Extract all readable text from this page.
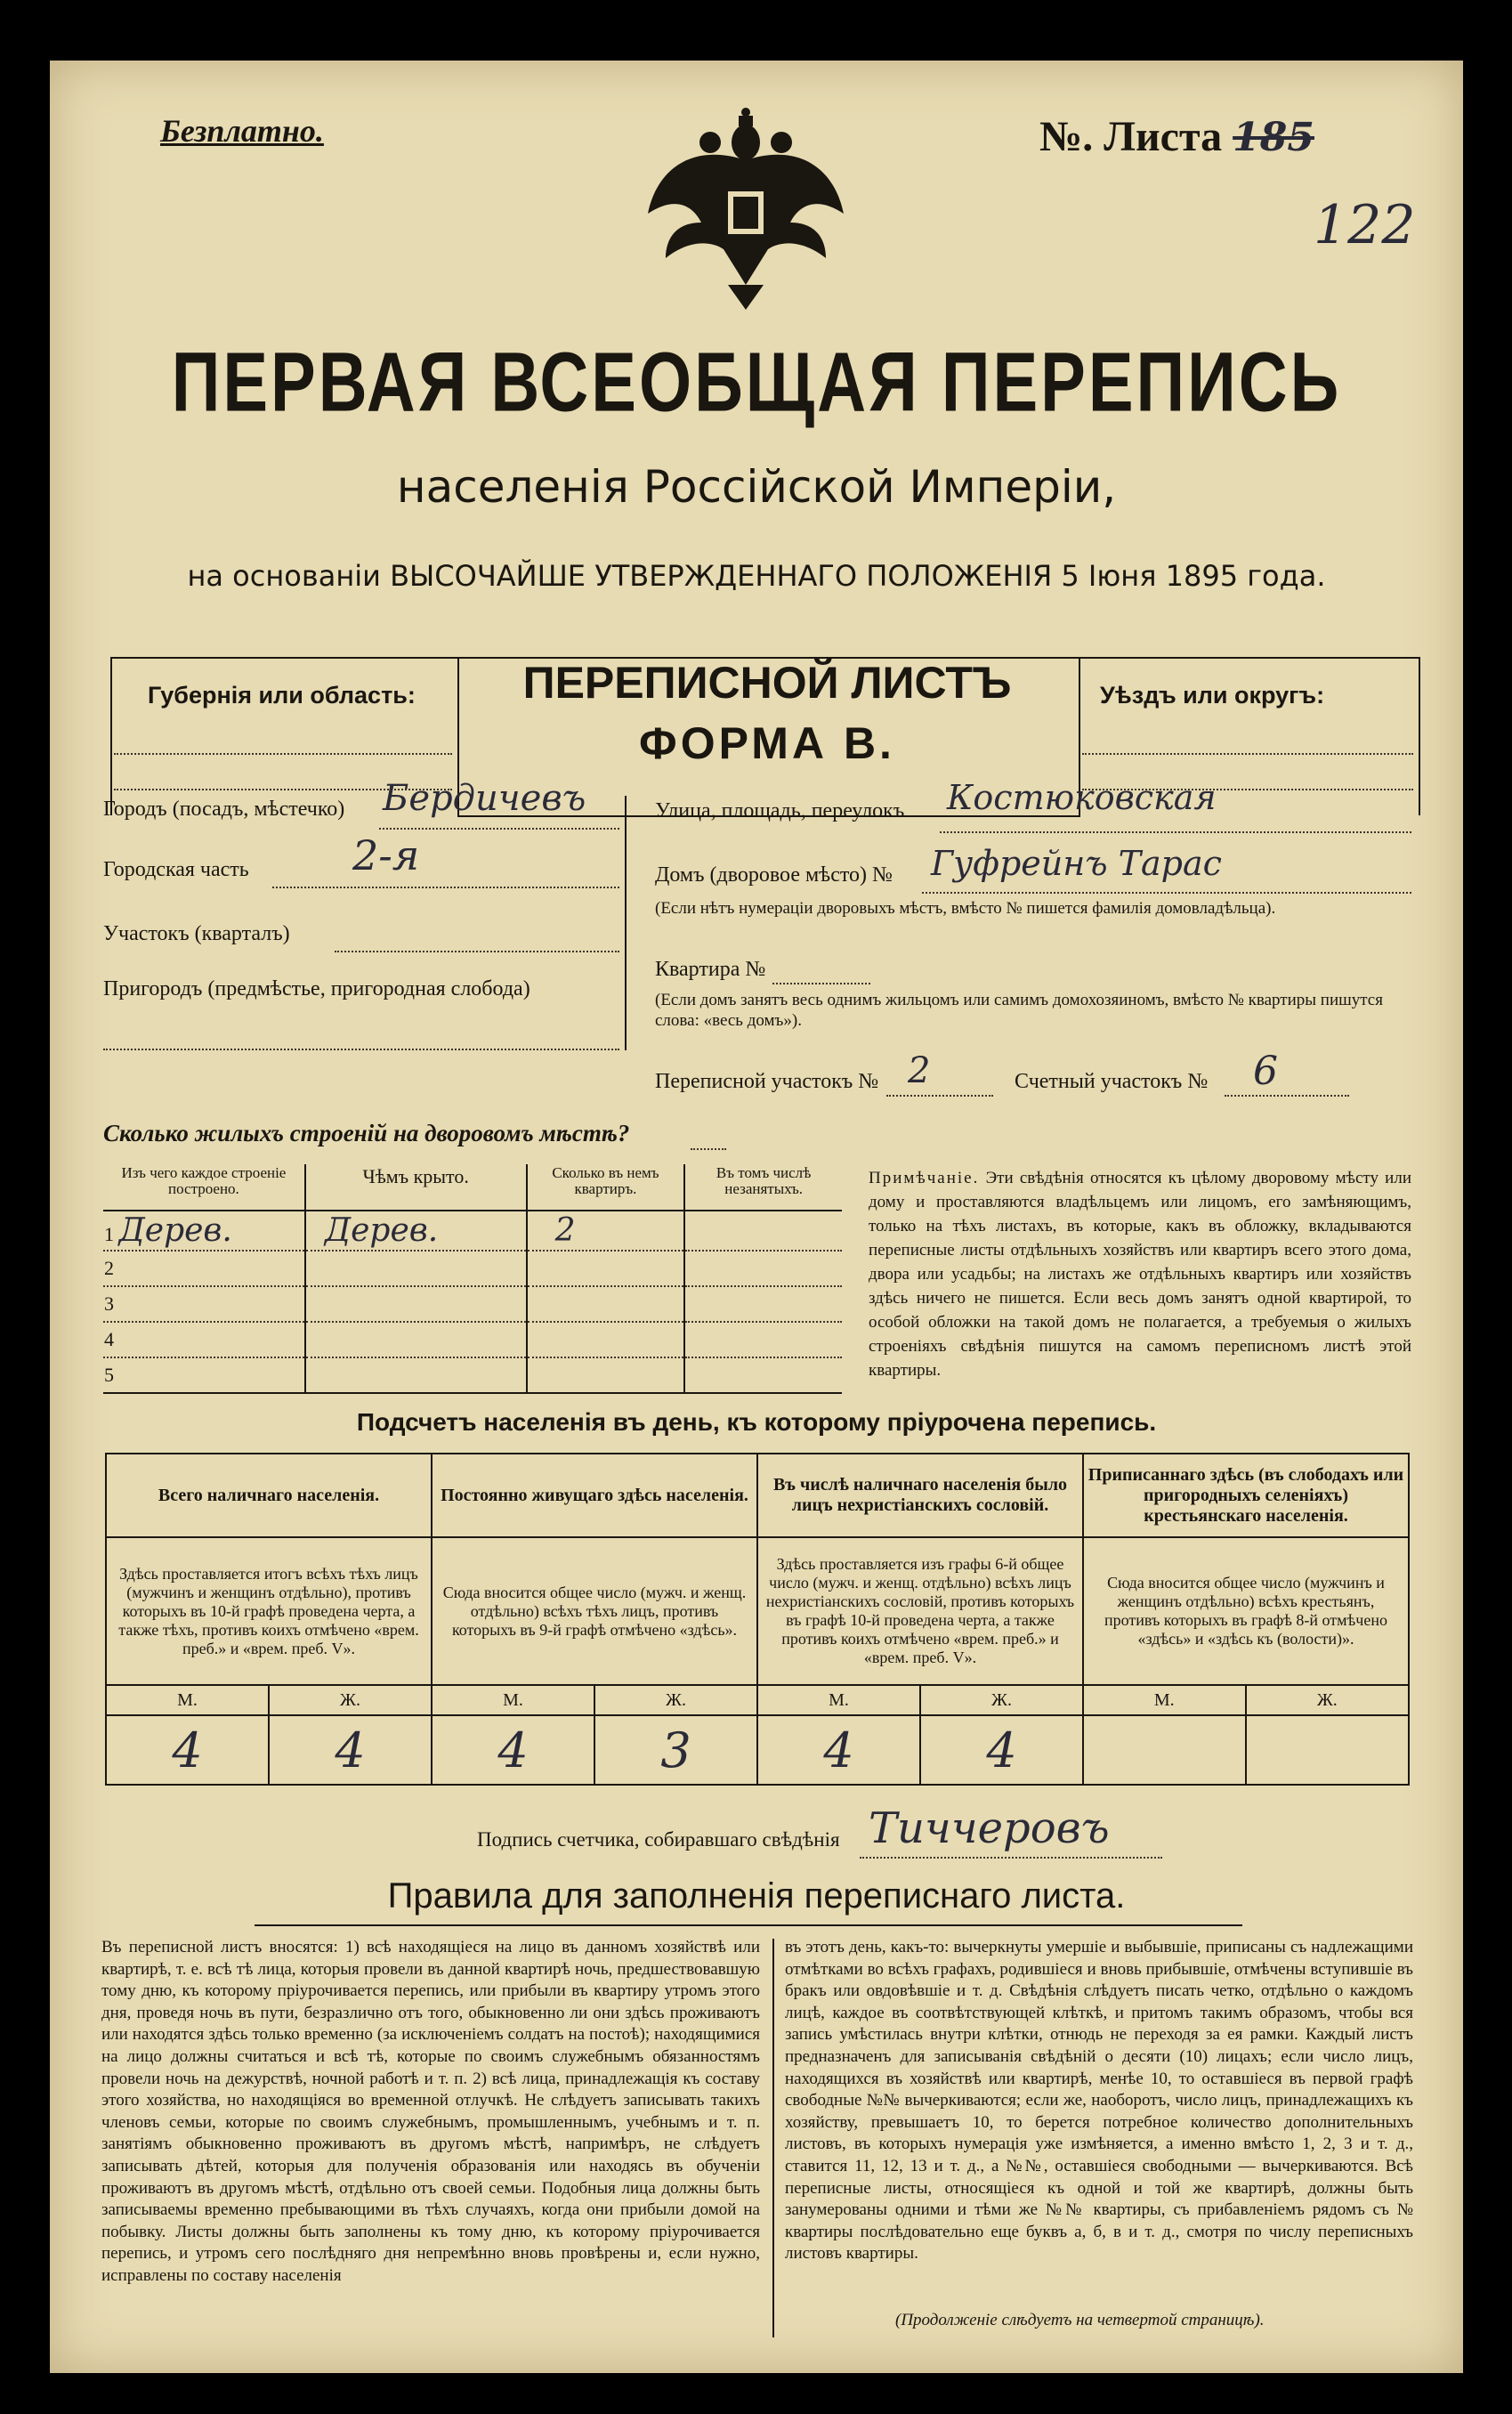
Безплатно.	№. Листа 185
122
ПЕРВАЯ ВСЕОБЩАЯ ПЕРЕПИСЬ
населенія Россійской Имперіи,
на основаніи ВЫСОЧАЙШЕ УТВЕРЖДЕННАГО ПОЛОЖЕНІЯ 5 Іюня 1895 года.
Губернія или область:	ПЕРЕПИСНОЙ ЛИСТЪ
ФОРМА В.
Уѣздъ или округъ:
Городъ (посадъ, мѣстечко) Бердичевъ
Городская часть	2-я
Участокъ (кварталъ)
Пригородъ (предмѣстье, пригородная слобода)
Улица, площадь, переулокъ Костюковская
Домъ (дворовое мѣсто) № Гуфрейнъ Тарас
(Если нѣтъ нумераціи дворовыхъ мѣстъ, вмѣсто № пишется фамилія домовладѣльца).
Квартира №
(Если домъ занятъ весь однимъ жильцомъ или самимъ домохозяиномъ, вмѣсто № квартиры пишутся слова: «весь домъ»).
Переписной участокъ № 2	Счетный участокъ № 6
Сколько жилыхъ строеній на дворовомъ мѣстѣ?
Изъ чего каждое строеніе построено.	Чѣмъ крыто.	Сколько въ немъ квартиръ.	Въ томъ числѣ незанятыхъ.
1 Дерев.	Дерев.	2	
2			
3			
4			
5			
Примѣчаніе. Эти свѣдѣнія относятся къ цѣлому дворовому мѣсту или дому и проставляются владѣльцемъ или лицомъ, его замѣняющимъ, только на тѣхъ листахъ, въ которые, какъ въ обложку, вкладываются переписные листы отдѣльныхъ хозяйствъ или квартиръ всего этого дома, двора или усадьбы; на листахъ же отдѣльныхъ квартиръ или хозяйствъ здѣсь ничего не пишется. Если весь домъ занятъ одной квартирой, то особой обложки на такой домъ не полагается, а требуемыя о жилыхъ строеніяхъ свѣдѣнія пишутся на самомъ переписномъ листѣ этой квартиры.
Подсчетъ населенія въ день, къ которому пріурочена перепись.
Всего наличнаго населенія.		Постоянно живущаго здѣсь населенія.		Въ числѣ наличнаго населенія было лицъ нехристіанскихъ сословій.		Приписаннаго здѣсь (въ слободахъ или пригородныхъ селеніяхъ) крестьянскаго населенія.	
Здѣсь проставляется итогъ всѣхъ тѣхъ лицъ (мужчинъ и женщинъ отдѣльно), противъ которыхъ въ 10-й графѣ проведена черта, а также тѣхъ, противъ коихъ отмѣчено «врем. преб.» и «врем. преб. V».		Сюда вносится общее число (мужч. и женщ. отдѣльно) всѣхъ тѣхъ лицъ, противъ которыхъ въ 9-й графѣ отмѣчено «здѣсь».		Здѣсь проставляется изъ графы 6-й общее число (мужч. и женщ. отдѣльно) всѣхъ лицъ нехристіанскихъ сословій, противъ которыхъ въ графѣ 10-й проведена черта, а также противъ коихъ отмѣчено «врем. преб.» и «врем. преб. V».		Сюда вносится общее число (мужчинъ и женщинъ отдѣльно) всѣхъ крестьянъ, противъ которыхъ въ графѣ 8-й отмѣчено «здѣсь» и «здѣсь къ (волости)».	
М.	Ж.	М.	Ж.	М.	Ж.	М.	Ж.
4	4	4	3	4	4		
Подпись счетчика, собиравшаго свѣдѣнія Тиччеровъ
Правила для заполненія переписнаго листа.
Въ переписной листъ вносятся: 1) всѣ находящіеся на лицо въ данномъ хозяйствѣ или квартирѣ, т. е. всѣ тѣ лица, которыя провели въ данной квартирѣ ночь, предшествовавшую тому дню, къ которому пріурочивается перепись, или прибыли въ квартиру утромъ этого дня, проведя ночь въ пути, безразлично отъ того, обыкновенно ли они здѣсь проживаютъ или находятся здѣсь только временно (за исключеніемъ солдатъ на постоѣ); находящимися на лицо должны считаться и всѣ тѣ, которые по своимъ служебнымъ обязанностямъ провели ночь на дежурствѣ, ночной работѣ и т. п. 2) всѣ лица, принадлежащія къ составу этого хозяйства, но находящіяся во временной отлучкѣ. Не слѣдуетъ записывать такихъ членовъ семьи, которые по своимъ служебнымъ, промышленнымъ, учебнымъ и т. п. занятіямъ обыкновенно проживаютъ въ другомъ мѣстѣ, напримѣръ, не слѣдуетъ записывать дѣтей, которыя для полученія образованія или находясь въ обученіи проживаютъ въ другомъ мѣстѣ, отдѣльно отъ своей семьи. Подобныя лица должны быть записываемы временно пребывающими въ тѣхъ случаяхъ, когда они прибыли домой на побывку. Листы должны быть заполнены къ тому дню, къ которому пріурочивается перепись, и утромъ сего послѣдняго дня непремѣнно вновь провѣрены и, если нужно, исправлены по составу населенія
въ этотъ день, какъ-то: вычеркнуты умершіе и выбывшіе, приписаны съ надлежащими отмѣтками во всѣхъ графахъ, родившіеся и вновь прибывшіе, отмѣчены вступившіе въ бракъ или овдовѣвшіе и т. д. Свѣдѣнія слѣдуетъ писать четко, отдѣльно о каждомъ лицѣ, каждое въ соотвѣтствующей клѣткѣ, и притомъ такимъ образомъ, чтобы вся запись умѣстилась внутри клѣтки, отнюдь не переходя за ея рамки. Каждый листъ предназначенъ для записыванія свѣдѣній о десяти (10) лицахъ; если число лицъ, находящихся въ хозяйствѣ или квартирѣ, менѣе 10, то оставшіеся въ первой графѣ свободные №№ вычеркиваются; если же, наоборотъ, число лицъ, принадлежащихъ къ хозяйству, превышаетъ 10, то берется потребное количество дополнительныхъ листовъ, въ которыхъ нумерація уже измѣняется, а именно вмѣсто 1, 2, 3 и т. д., ставится 11, 12, 13 и т. д., а №№, оставшіеся свободными — вычеркиваются. Всѣ переписные листы, относящіеся къ одной и той же квартирѣ, должны быть занумерованы одними и тѣми же №№ квартиры, съ прибавленіемъ рядомъ съ № квартиры послѣдовательно еще буквъ а, б, в и т. д., смотря по числу переписныхъ листовъ квартиры.
(Продолженіе слѣдуетъ на четвертой страницѣ).
